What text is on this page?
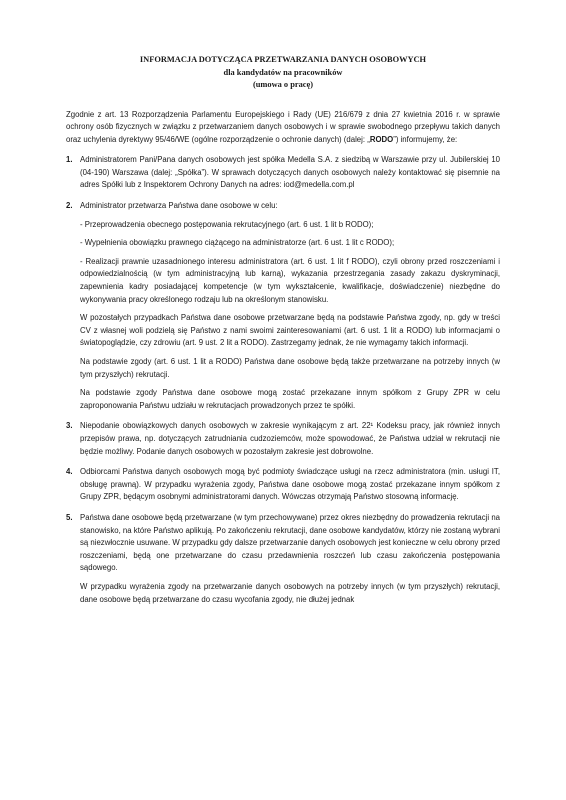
INFORMACJA DOTYCZĄCA PRZETWARZANIA DANYCH OSOBOWYCH
dla kandydatów na pracowników
(umowa o pracę)

Zgodnie z art. 13 Rozporządzenia Parlamentu Europejskiego i Rady (UE) 216/679 z dnia 27 kwietnia 2016 r. w sprawie ochrony osób fizycznych w związku z przetwarzaniem danych osobowych i w sprawie swobodnego przepływu takich danych oraz uchylenia dyrektywy 95/46/WE (ogólne rozporządzenie o ochronie danych) (dalej: „RODO”) informujemy, że:

1. Administratorem Pani/Pana danych osobowych jest spółka Medella S.A. z siedzibą w Warszawie przy ul. Jubilerskiej 10 (04-190) Warszawa (dalej: „Spółka”). W sprawach dotyczących danych osobowych należy kontaktować się pisemnie na adres Spółki lub z Inspektorem Ochrony Danych na adres: iod@medella.com.pl

2. Administrator przetwarza Państwa dane osobowe w celu:

- Przeprowadzenia obecnego postępowania rekrutacyjnego (art. 6 ust. 1 lit b RODO);

- Wypełnienia obowiązku prawnego ciążącego na administratorze (art. 6 ust. 1 lit c RODO);

- Realizacji prawnie uzasadnionego interesu administratora (art. 6 ust. 1 lit f RODO), czyli obrony przed roszczeniami i odpowiedzialnością (w tym administracyjną lub karną), wykazania przestrzegania zasady zakazu dyskryminacji, zapewnienia kadry posiadającej kompetencje (w tym wykształcenie, kwalifikacje, doświadczenie) niezbędne do wykonywania pracy określonego rodzaju lub na określonym stanowisku.

W pozostałych przypadkach Państwa dane osobowe przetwarzane będą na podstawie Państwa zgody, np. gdy w treści CV z własnej woli podzielą się Państwo z nami swoimi zainteresowaniami (art. 6 ust. 1 lit a RODO) lub informacjami o światopoglądzie, czy zdrowiu (art. 9 ust. 2 lit a RODO). Zastrzegamy jednak, że nie wymagamy takich informacji.

Na podstawie zgody (art. 6 ust. 1 lit a RODO) Państwa dane osobowe będą także przetwarzane na potrzeby innych (w tym przyszłych) rekrutacji.

Na podstawie zgody Państwa dane osobowe mogą zostać przekazane innym spółkom z Grupy ZPR w celu zaproponowania Państwu udziału w rekrutacjach prowadzonych przez te spółki.

3. Niepodanie obowiązkowych danych osobowych w zakresie wynikającym z art. 22¹ Kodeksu pracy, jak również innych przepisów prawa, np. dotyczących zatrudniania cudzoziemców, może spowodować, że Państwa udział w rekrutacji nie będzie możliwy. Podanie danych osobowych w pozostałym zakresie jest dobrowolne.

4. Odbiorcami Państwa danych osobowych mogą być podmioty świadczące usługi na rzecz administratora (min. usługi IT, obsługę prawną). W przypadku wyrażenia zgody, Państwa dane osobowe mogą zostać przekazane innym spółkom z Grupy ZPR, będącym osobnymi administratorami danych. Wówczas otrzymają Państwo stosowną informację.

5. Państwa dane osobowe będą przetwarzane (w tym przechowywane) przez okres niezbędny do prowadzenia rekrutacji na stanowisko, na które Państwo aplikują. Po zakończeniu rekrutacji, dane osobowe kandydatów, którzy nie zostaną wybrani są niezwłocznie usuwane. W przypadku gdy dalsze przetwarzanie danych osobowych jest konieczne w celu obrony przed roszczeniami, będą one przetwarzane do czasu przedawnienia roszczeń lub czasu zakończenia postępowania sądowego.

W przypadku wyrażenia zgody na przetwarzanie danych osobowych na potrzeby innych (w tym przyszłych) rekrutacji, dane osobowe będą przetwarzane do czasu wycofania zgody, nie dłużej jednak
